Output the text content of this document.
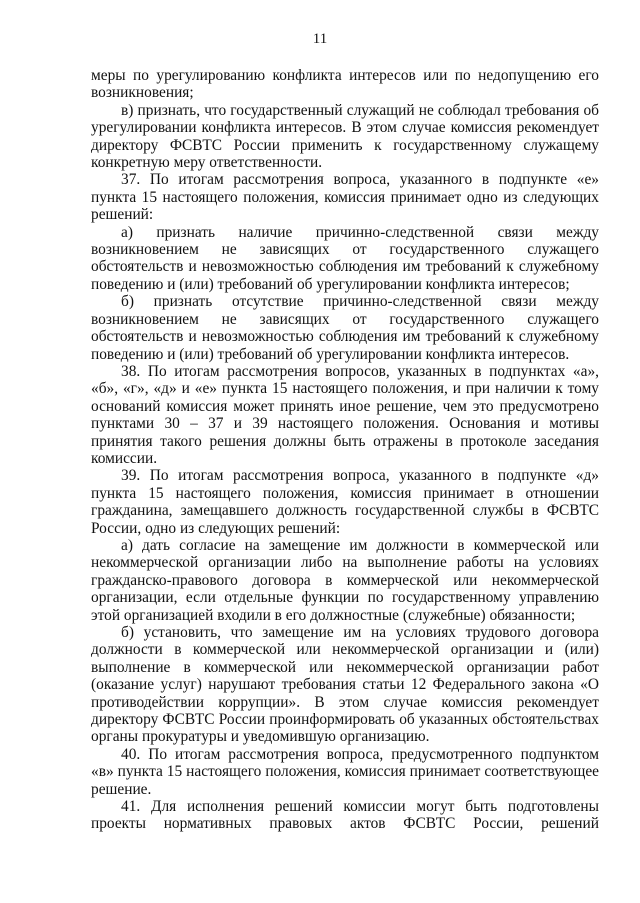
11

меры по урегулированию конфликта интересов или по недопущению его возникновения;

в) признать, что государственный служащий не соблюдал требования об урегулировании конфликта интересов. В этом случае комиссия рекомендует директору ФСВТС России применить к государственному служащему конкретную меру ответственности.

37. По итогам рассмотрения вопроса, указанного в подпункте «е» пункта 15 настоящего положения, комиссия принимает одно из следующих решений:

а) признать наличие причинно-следственной связи между возникновением не зависящих от государственного служащего обстоятельств и невозможностью соблюдения им требований к служебному поведению и (или) требований об урегулировании конфликта интересов;

б) признать отсутствие причинно-следственной связи между возникновением не зависящих от государственного служащего обстоятельств и невозможностью соблюдения им требований к служебному поведению и (или) требований об урегулировании конфликта интересов.

38. По итогам рассмотрения вопросов, указанных в подпунктах «а», «б», «г», «д» и «е» пункта 15 настоящего положения, и при наличии к тому оснований комиссия может принять иное решение, чем это предусмотрено пунктами 30 – 37 и 39 настоящего положения. Основания и мотивы принятия такого решения должны быть отражены в протоколе заседания комиссии.

39. По итогам рассмотрения вопроса, указанного в подпункте «д» пункта 15 настоящего положения, комиссия принимает в отношении гражданина, замещавшего должность государственной службы в ФСВТС России, одно из следующих решений:

а) дать согласие на замещение им должности в коммерческой или некоммерческой организации либо на выполнение работы на условиях гражданско-правового договора в коммерческой или некоммерческой организации, если отдельные функции по государственному управлению этой организацией входили в его должностные (служебные) обязанности;

б) установить, что замещение им на условиях трудового договора должности в коммерческой или некоммерческой организации и (или) выполнение в коммерческой или некоммерческой организации работ (оказание услуг) нарушают требования статьи 12 Федерального закона «О противодействии коррупции». В этом случае комиссия рекомендует директору ФСВТС России проинформировать об указанных обстоятельствах органы прокуратуры и уведомившую организацию.

40. По итогам рассмотрения вопроса, предусмотренного подпунктом «в» пункта 15 настоящего положения, комиссия принимает соответствующее решение.

41. Для исполнения решений комиссии могут быть подготовлены проекты нормативных правовых актов ФСВТС России, решений
